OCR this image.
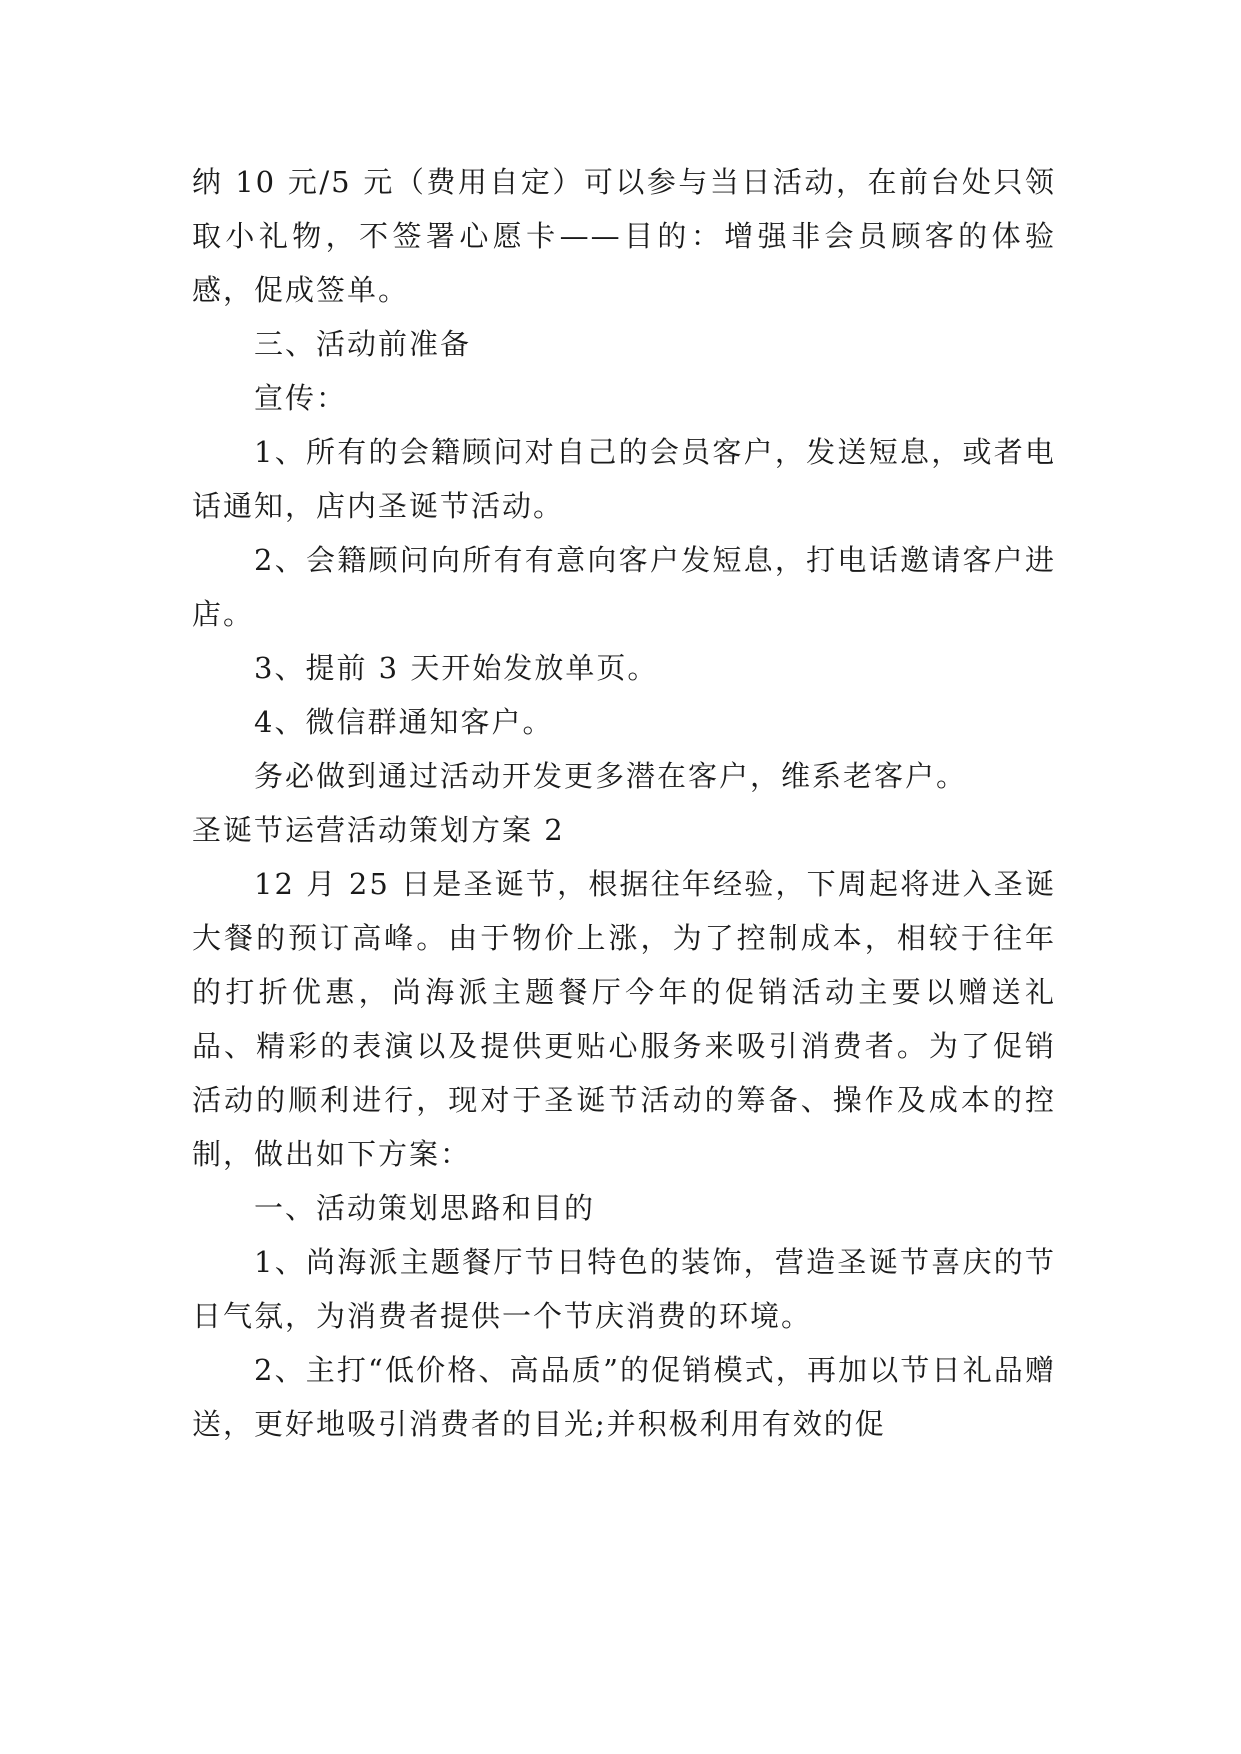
纳 10 元/5 元（费用自定）可以参与当日活动，在前台处只领取小礼物，不签署心愿卡——目的：增强非会员顾客的体验感，促成签单。

三、活动前准备

宣传：

1、所有的会籍顾问对自己的会员客户，发送短息，或者电话通知，店内圣诞节活动。

2、会籍顾问向所有有意向客户发短息，打电话邀请客户进店。

3、提前 3 天开始发放单页。

4、微信群通知客户。

务必做到通过活动开发更多潜在客户，维系老客户。

圣诞节运营活动策划方案 2

12 月 25 日是圣诞节，根据往年经验，下周起将进入圣诞大餐的预订高峰。由于物价上涨，为了控制成本，相较于往年的打折优惠，尚海派主题餐厅今年的促销活动主要以赠送礼品、精彩的表演以及提供更贴心服务来吸引消费者。为了促销活动的顺利进行，现对于圣诞节活动的筹备、操作及成本的控制，做出如下方案：

一、活动策划思路和目的

1、尚海派主题餐厅节日特色的装饰，营造圣诞节喜庆的节日气氛，为消费者提供一个节庆消费的环境。

2、主打“低价格、高品质”的促销模式，再加以节日礼品赠送，更好地吸引消费者的目光;并积极利用有效的促
